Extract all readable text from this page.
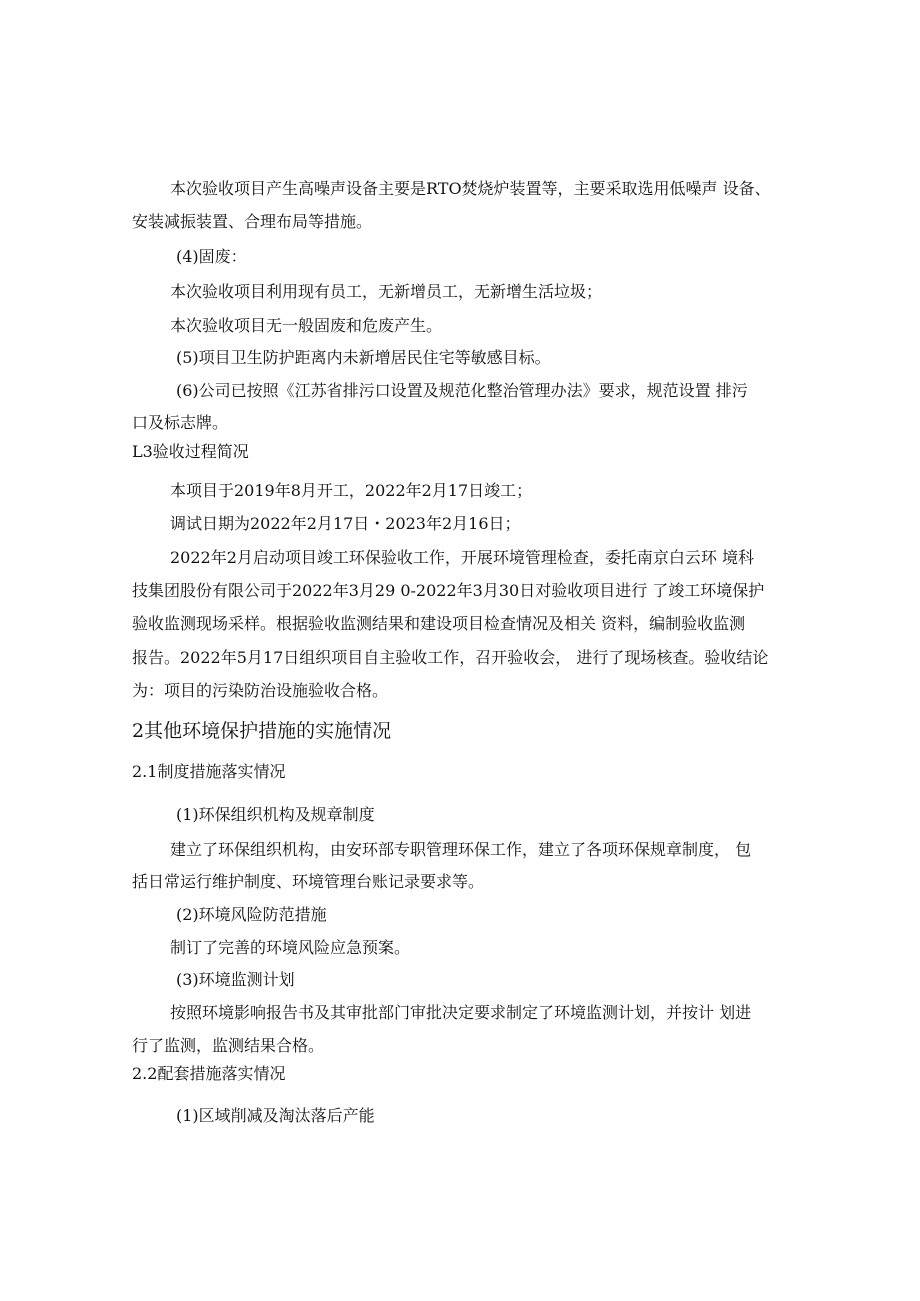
本次验收项目产生高噪声设备主要是RTO焚烧炉装置等，主要采取选用低噪声 设备、
安装减振装置、合理布局等措施。
(4)固废：
本次验收项目利用现有员工，无新增员工，无新增生活垃圾；
本次验收项目无一般固废和危废产生。
(5)项目卫生防护距离内未新增居民住宅等敏感目标。
(6)公司已按照《江苏省排污口设置及规范化整治管理办法》要求，规范设置 排污
口及标志牌。
L3验收过程简况
本项目于2019年8月开工，2022年2月17日竣工；
调试日期为2022年2月17日・2023年2月16日；
2022年2月启动项目竣工环保验收工作，开展环境管理检查，委托南京白云环 境科
技集团股份有限公司于2022年3月29 0-2022年3月30日对验收项目进行 了竣工环境保护
验收监测现场采样。根据验收监测结果和建设项目检查情况及相关 资料，编制验收监测
报告。2022年5月17日组织项目自主验收工作，召开验收会， 进行了现场核查。验收结论
为：项目的污染防治设施验收合格。
2其他环境保护措施的实施情况
2.1制度措施落实情况
(1)环保组织机构及规章制度
建立了环保组织机构，由安环部专职管理环保工作，建立了各项环保规章制度， 包
括日常运行维护制度、环境管理台账记录要求等。
(2)环境风险防范措施
制订了完善的环境风险应急预案。
(3)环境监测计划
按照环境影响报告书及其审批部门审批决定要求制定了环境监测计划，并按计 划进
行了监测，监测结果合格。
2.2配套措施落实情况
(1)区域削减及淘汰落后产能
